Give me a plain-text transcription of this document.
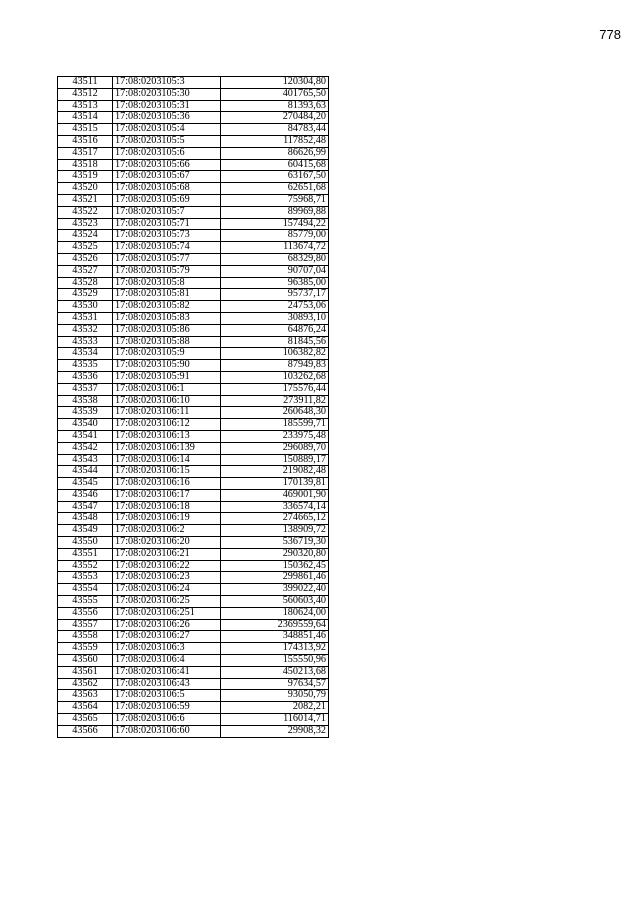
778
43511	17:08:0203105:3	120304,80
43512	17:08:0203105:30	401765,50
43513	17:08:0203105:31	81393,63
43514	17:08:0203105:36	270484,20
43515	17:08:0203105:4	84783,44
43516	17:08:0203105:5	117852,48
43517	17:08:0203105:6	86626,99
43518	17:08:0203105:66	60415,68
43519	17:08:0203105:67	63167,50
43520	17:08:0203105:68	62651,68
43521	17:08:0203105:69	75968,71
43522	17:08:0203105:7	89969,88
43523	17:08:0203105:71	157494,22
43524	17:08:0203105:73	85779,00
43525	17:08:0203105:74	113674,72
43526	17:08:0203105:77	68329,80
43527	17:08:0203105:79	90707,04
43528	17:08:0203105:8	96385,00
43529	17:08:0203105:81	95737,17
43530	17:08:0203105:82	24753,06
43531	17:08:0203105:83	30893,10
43532	17:08:0203105:86	64876,24
43533	17:08:0203105:88	81845,56
43534	17:08:0203105:9	106382,82
43535	17:08:0203105:90	87949,83
43536	17:08:0203105:91	103262,68
43537	17:08:0203106:1	175576,44
43538	17:08:0203106:10	273911,82
43539	17:08:0203106:11	260648,30
43540	17:08:0203106:12	185599,71
43541	17:08:0203106:13	233975,48
43542	17:08:0203106:139	296089,70
43543	17:08:0203106:14	150889,17
43544	17:08:0203106:15	219082,48
43545	17:08:0203106:16	170139,81
43546	17:08:0203106:17	469001,90
43547	17:08:0203106:18	336574,14
43548	17:08:0203106:19	274665,12
43549	17:08:0203106:2	138909,72
43550	17:08:0203106:20	536719,30
43551	17:08:0203106:21	290320,80
43552	17:08:0203106:22	150362,45
43553	17:08:0203106:23	299861,46
43554	17:08:0203106:24	399022,40
43555	17:08:0203106:25	560603,40
43556	17:08:0203106:251	180624,00
43557	17:08:0203106:26	2369559,64
43558	17:08:0203106:27	348851,46
43559	17:08:0203106:3	174313,92
43560	17:08:0203106:4	155550,96
43561	17:08:0203106:41	450213,68
43562	17:08:0203106:43	97634,57
43563	17:08:0203106:5	93050,79
43564	17:08:0203106:59	2082,21
43565	17:08:0203106:6	116014,71
43566	17:08:0203106:60	29908,32
